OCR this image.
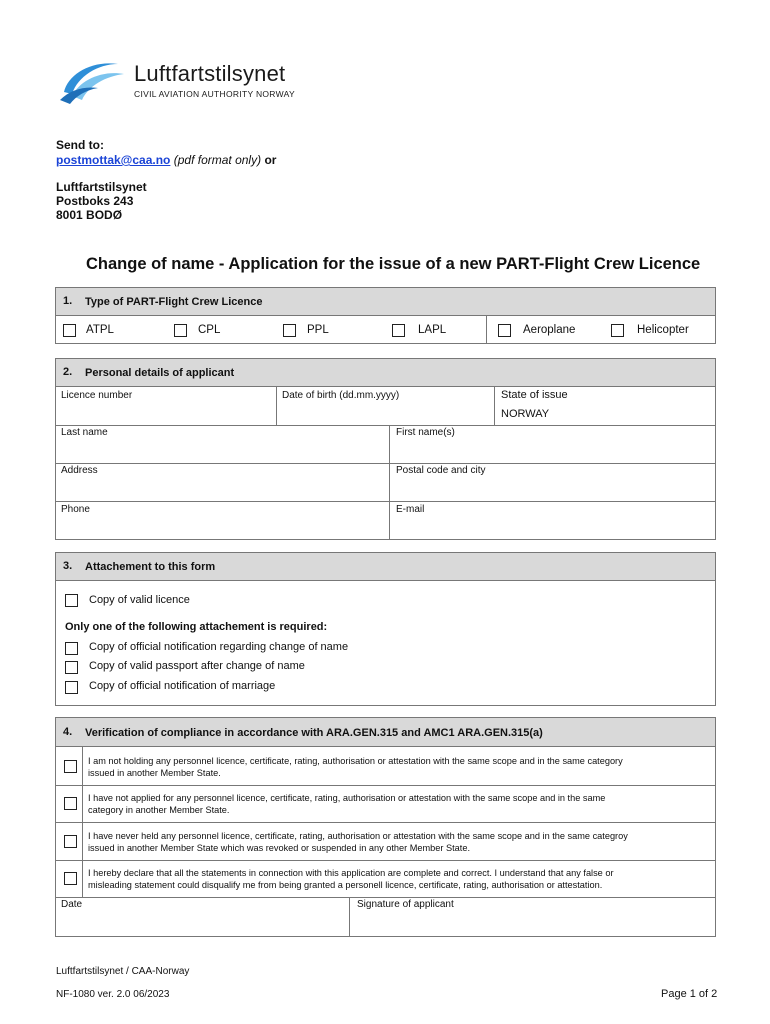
Luftfartstilsynet
CIVIL AVIATION AUTHORITY NORWAY
Send to:
postmottak@caa.no (pdf format only) or
Luftfartstilsynet
Postboks 243
8001 BODØ
Change of name - Application for the issue of a new PART-Flight Crew Licence
1. Type of PART-Flight Crew Licence
ATPL	CPL	PPL	LAPL	Aeroplane	Helicopter
2. Personal details of applicant
Licence number	Date of birth (dd.mm.yyyy)	State of issue
NORWAY
Last name	First name(s)
Address	Postal code and city
Phone	E-mail
3. Attachement to this form
Copy of valid licence
Only one of the following attachement is required:
Copy of official notification regarding change of name
Copy of valid passport after change of name
Copy of official notification of marriage
4. Verification of compliance in accordance with ARA.GEN.315 and AMC1 ARA.GEN.315(a)
I am not holding any personnel licence, certificate, rating, authorisation or attestation with the same scope and in the same category
issued in another Member State.
I have not applied for any personnel licence, certificate, rating, authorisation or attestation with the same scope and in the same
category in another Member State.
I have never held any personnel licence, certificate, rating, authorisation or attestation with the same scope and in the same categroy
issued in another Member State which was revoked or suspended in any other Member State.
I hereby declare that all the statements in connection with this application are complete and correct. I understand that any false or
misleading statement could disqualify me from being granted a personell licence, certificate, rating, authorisation or attestation.
Date	Signature of applicant
Luftfartstilsynet / CAA-Norway
NF-1080 ver. 2.0 06/2023	Page 1 of 2
